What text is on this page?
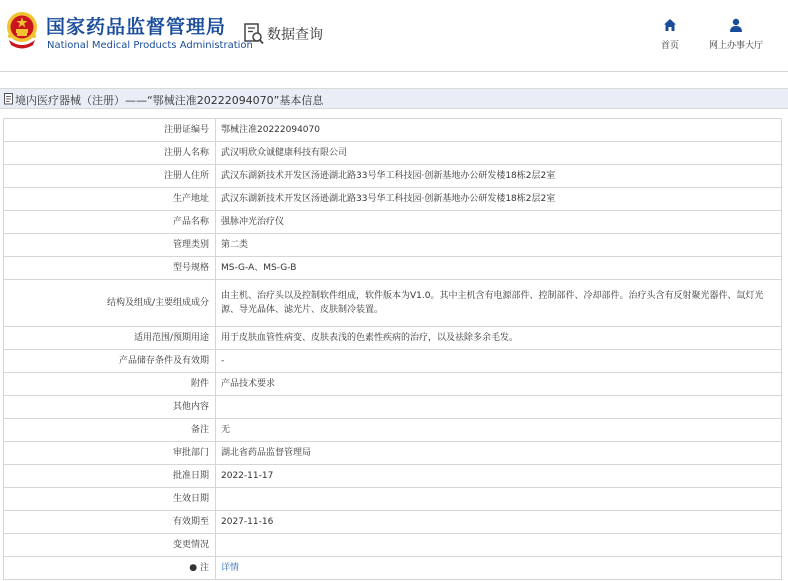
国家药品监督管理局
National Medical Products Administration
数据查询
首页	网上办事大厅
境内医疗器械（注册）——“鄂械注准20222094070”基本信息
注册证编号	鄂械注准20222094070
注册人名称	武汉明欣众诚健康科技有限公司
注册人住所	武汉东湖新技术开发区汤逊湖北路33号华工科技园·创新基地办公研发楼18栋2层2室
生产地址	武汉东湖新技术开发区汤逊湖北路33号华工科技园·创新基地办公研发楼18栋2层2室
产品名称	强脉冲光治疗仪
管理类别	第二类
型号规格	MS-G-A、MS-G-B
结构及组成/主要组成成分	由主机、治疗头以及控制软件组成，软件版本为V1.0。其中主机含有电源部件、控制部件、冷却部件。治疗头含有反射聚光器件、氙灯光源、导光晶体、滤光片、皮肤制冷装置。
适用范围/预期用途	用于皮肤血管性病变、皮肤表浅的色素性疾病的治疗，以及祛除多余毛发。
产品储存条件及有效期	-
附件	产品技术要求
其他内容	
备注	无
审批部门	湖北省药品监督管理局
批准日期	2022-11-17
生效日期	
有效期至	2027-11-16
变更情况	
● 注	详情
